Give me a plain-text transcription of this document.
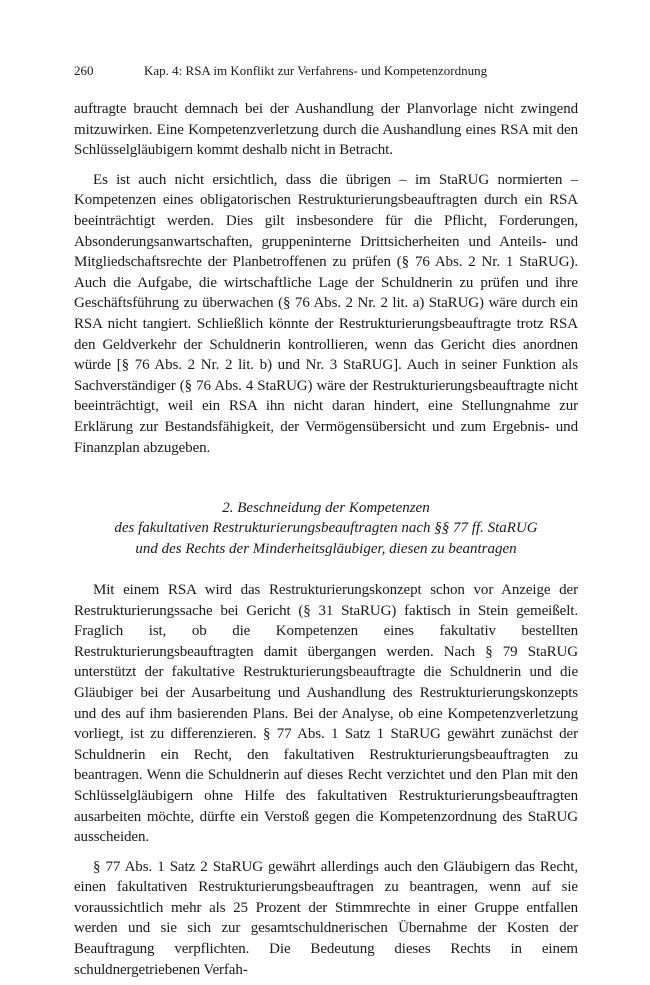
260	Kap. 4: RSA im Konflikt zur Verfahrens- und Kompetenzordnung

auftragte braucht demnach bei der Aushandlung der Planvorlage nicht zwingend mitzuwirken. Eine Kompetenzverletzung durch die Aushandlung eines RSA mit den Schlüsselgläubigern kommt deshalb nicht in Betracht.

Es ist auch nicht ersichtlich, dass die übrigen – im StaRUG normierten – Kompetenzen eines obligatorischen Restrukturierungsbeauftragten durch ein RSA beeinträchtigt werden. Dies gilt insbesondere für die Pflicht, Forderungen, Absonderungsanwartschaften, gruppeninterne Drittsicherheiten und Anteils- und Mitgliedschaftsrechte der Planbetroffenen zu prüfen (§ 76 Abs. 2 Nr. 1 StaRUG). Auch die Aufgabe, die wirtschaftliche Lage der Schuldnerin zu prüfen und ihre Geschäftsführung zu überwachen (§ 76 Abs. 2 Nr. 2 lit. a) StaRUG) wäre durch ein RSA nicht tangiert. Schließlich könnte der Restrukturierungsbeauftragte trotz RSA den Geldverkehr der Schuldnerin kontrollieren, wenn das Gericht dies anordnen würde [§ 76 Abs. 2 Nr. 2 lit. b) und Nr. 3 StaRUG]. Auch in seiner Funktion als Sachverständiger (§ 76 Abs. 4 StaRUG) wäre der Restrukturierungsbeauftragte nicht beeinträchtigt, weil ein RSA ihn nicht daran hindert, eine Stellungnahme zur Erklärung zur Bestandsfähigkeit, der Vermögensübersicht und zum Ergebnis- und Finanzplan abzugeben.

2. Beschneidung der Kompetenzen
des fakultativen Restrukturierungsbeauftragten nach §§ 77 ff. StaRUG
und des Rechts der Minderheitsgläubiger, diesen zu beantragen

Mit einem RSA wird das Restrukturierungskonzept schon vor Anzeige der Restrukturierungssache bei Gericht (§ 31 StaRUG) faktisch in Stein gemeißelt. Fraglich ist, ob die Kompetenzen eines fakultativ bestellten Restrukturierungsbeauftragten damit übergangen werden. Nach § 79 StaRUG unterstützt der fakultative Restrukturierungsbeauftragte die Schuldnerin und die Gläubiger bei der Ausarbeitung und Aushandlung des Restrukturierungskonzepts und des auf ihm basierenden Plans. Bei der Analyse, ob eine Kompetenzverletzung vorliegt, ist zu differenzieren. § 77 Abs. 1 Satz 1 StaRUG gewährt zunächst der Schuldnerin ein Recht, den fakultativen Restrukturierungsbeauftragten zu beantragen. Wenn die Schuldnerin auf dieses Recht verzichtet und den Plan mit den Schlüsselgläubigern ohne Hilfe des fakultativen Restrukturierungsbeauftragten ausarbeiten möchte, dürfte ein Verstoß gegen die Kompetenzordnung des StaRUG ausscheiden.

§ 77 Abs. 1 Satz 2 StaRUG gewährt allerdings auch den Gläubigern das Recht, einen fakultativen Restrukturierungsbeauftragen zu beantragen, wenn auf sie voraussichtlich mehr als 25 Prozent der Stimmrechte in einer Gruppe entfallen werden und sie sich zur gesamtschuldnerischen Übernahme der Kosten der Beauftragung verpflichten. Die Bedeutung dieses Rechts in einem schuldnergetriebenen Verfah-
